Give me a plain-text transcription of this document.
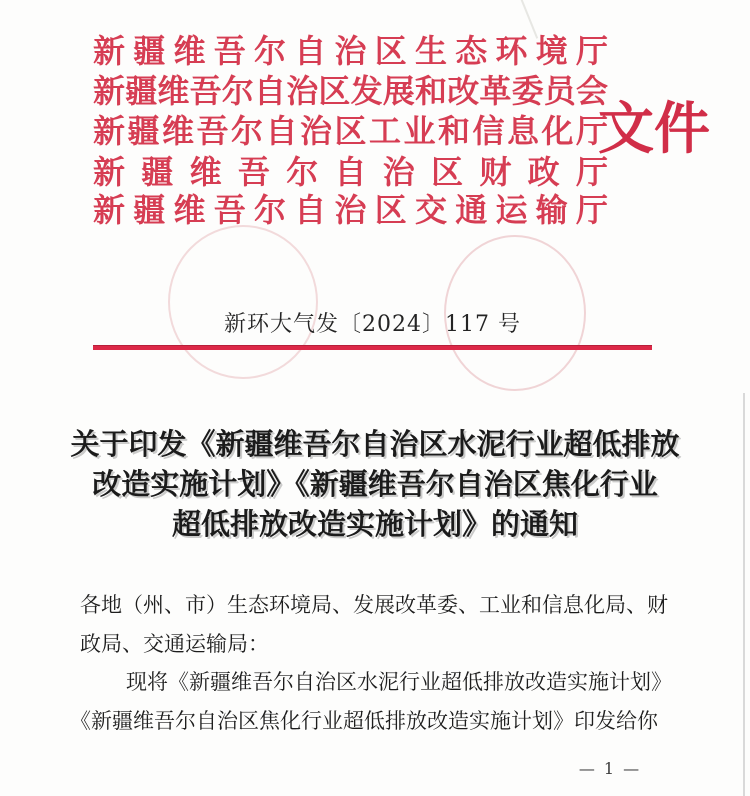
新疆维吾尔自治区生态环境厅
新疆维吾尔自治区发展和改革委员会
新疆维吾尔自治区工业和信息化厅
新疆维吾尔自治区财政厅
新疆维吾尔自治区交通运输厅
文件
新环大气发〔2024〕117 号
关于印发《新疆维吾尔自治区水泥行业超低排放
改造实施计划》《新疆维吾尔自治区焦化行业
超低排放改造实施计划》的通知
各地（州、市）生态环境局、发展改革委、工业和信息化局、财
政局、交通运输局：
现将《新疆维吾尔自治区水泥行业超低排放改造实施计划》
《新疆维吾尔自治区焦化行业超低排放改造实施计划》印发给你
— 1 —
